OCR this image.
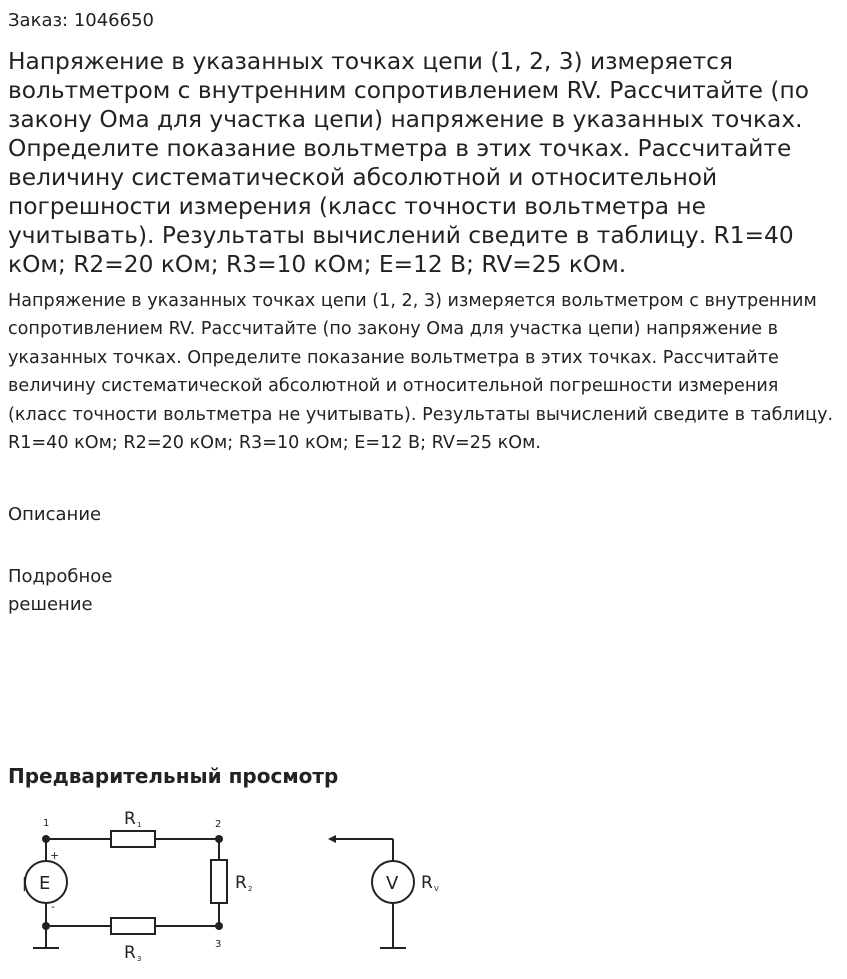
Заказ: 1046650

Напряжение в указанных точках цепи (1, 2, 3) измеряется вольтметром с внутренним сопротивлением RV. Рассчитайте (по закону Ома для участка цепи) напряжение в указанных точках. Определите показание вольтметра в этих точках. Рассчитайте величину систематической абсолютной и относительной погрешности измерения (класс точности вольтметра не учитывать). Результаты вычислений сведите в таблицу. R1=40 кОм; R2=20 кОм; R3=10 кОм; Е=12 В; RV=25 кОм.

Напряжение в указанных точках цепи (1, 2, 3) измеряется вольтметром с внутренним сопротивлением RV. Рассчитайте (по закону Ома для участка цепи) напряжение в указанных точках. Определите показание вольтметра в этих точках. Рассчитайте величину систематической абсолютной и относительной погрешности измерения (класс точности вольтметра не учитывать). Результаты вычислений сведите в таблицу. R1=40 кОм; R2=20 кОм; R3=10 кОм; Е=12 В; RV=25 кОм.

Описание

Подробное решение

Предварительный просмотр
1	2
3
E
+
-
|
R 1
R 2
R 3
V R V
